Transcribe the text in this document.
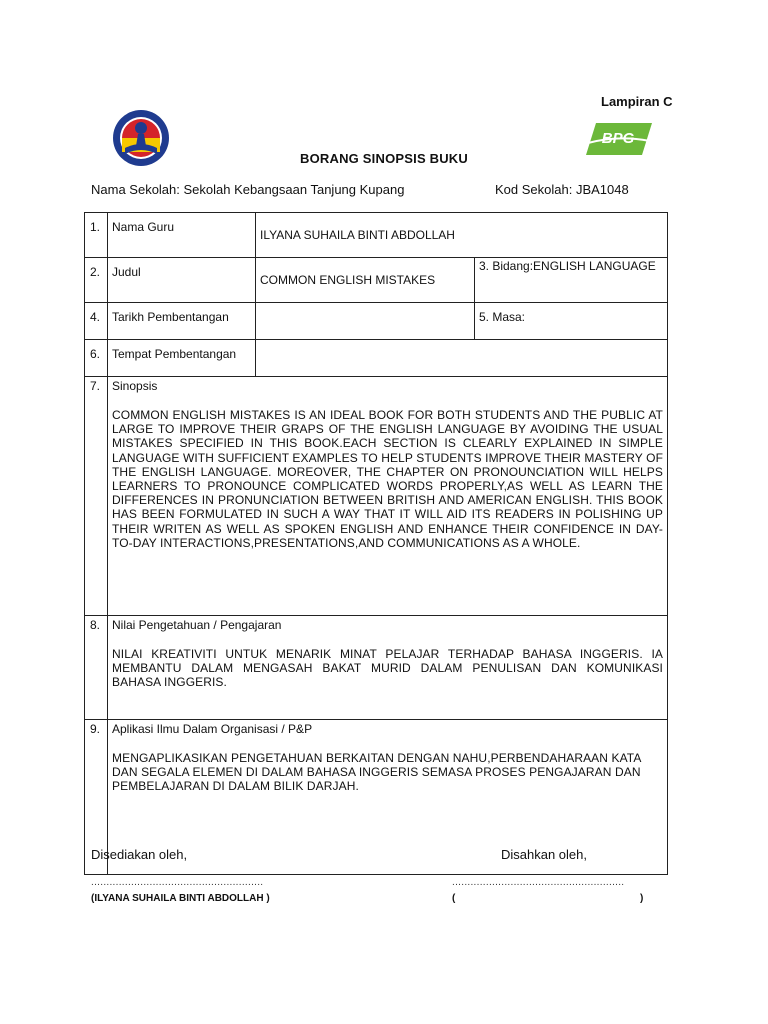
Lampiran C
BPG
BORANG SINOPSIS BUKU
Nama Sekolah: Sekolah Kebangsaan Tanjung Kupang	Kod Sekolah: JBA1048
1.	Nama Guru	ILYANA SUHAILA BINTI ABDOLLAH	
2.	Judul	COMMON ENGLISH MISTAKES	3. Bidang:ENGLISH LANGUAGE
4.	Tarikh Pembentangan		5. Masa:
6.	Tempat Pembentangan		
7.	Sinopsis
COMMON ENGLISH MISTAKES IS AN IDEAL BOOK FOR BOTH STUDENTS AND THE PUBLIC AT LARGE TO IMPROVE THEIR GRAPS OF THE ENGLISH LANGUAGE BY AVOIDING THE USUAL MISTAKES SPECIFIED IN THIS BOOK.EACH SECTION IS CLEARLY EXPLAINED IN SIMPLE LANGUAGE WITH SUFFICIENT EXAMPLES TO HELP STUDENTS IMPROVE THEIR MASTERY OF THE ENGLISH LANGUAGE. MOREOVER, THE CHAPTER ON PRONOUNCIATION WILL HELPS LEARNERS TO PRONOUNCE COMPLICATED WORDS PROPERLY,AS WELL AS LEARN THE DIFFERENCES IN PRONUNCIATION BETWEEN BRITISH AND AMERICAN ENGLISH. THIS BOOK HAS BEEN FORMULATED IN SUCH A WAY THAT IT WILL AID ITS READERS IN POLISHING UP THEIR WRITEN AS WELL AS SPOKEN ENGLISH AND ENHANCE THEIR CONFIDENCE IN DAY-TO-DAY INTERACTIONS,PRESENTATIONS,AND COMMUNICATIONS AS A WHOLE.		

8.	Nilai Pengetahuan / Pengajaran
NILAI KREATIVITI UNTUK MENARIK MINAT PELAJAR TERHADAP BAHASA INGGERIS. IA MEMBANTU DALAM MENGASAH BAKAT MURID DALAM PENULISAN DAN KOMUNIKASI BAHASA INGGERIS.		

9.	Aplikasi Ilmu Dalam Organisasi / P&P
MENGAPLIKASIKAN PENGETAHUAN BERKAITAN DENGAN NAHU,PERBENDAHARAAN KATA DAN SEGALA ELEMEN DI DALAM BAHASA INGGERIS SEMASA PROSES PENGAJARAN DAN PEMBELAJARAN DI DALAM BILIK DARJAH.		
Disediakan oleh,	Disahkan oleh,
........................................................	........................................................
(ILYANA SUHAILA BINTI ABDOLLAH )	(	)
